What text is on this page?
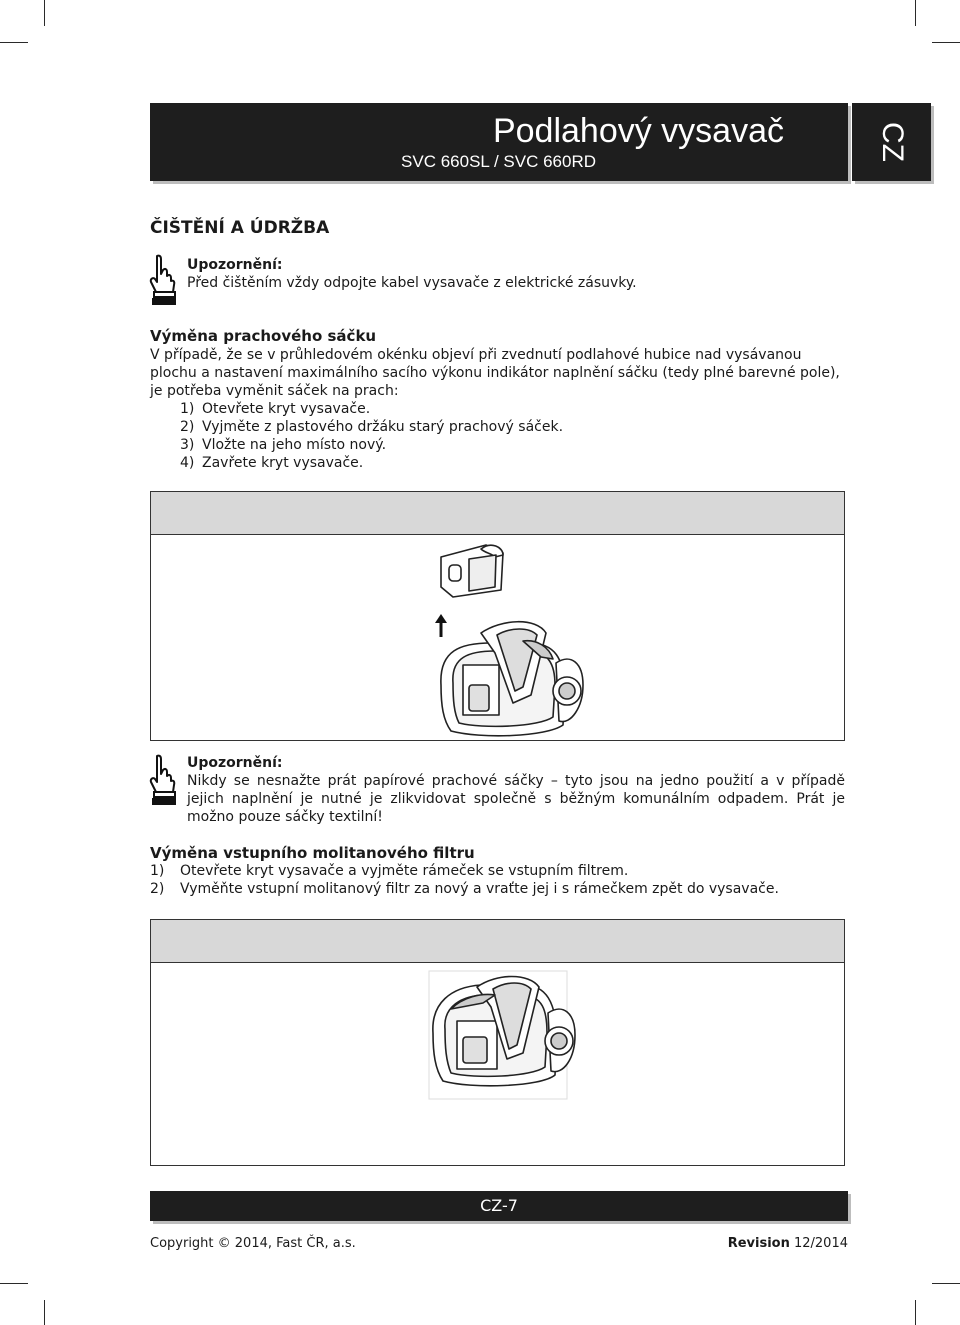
Podlahový vysavač
SVC 660SL / SVC 660RD	CZ
ČIŠTĚNÍ A ÚDRŽBA
Upozornění:
Před čištěním vždy odpojte kabel vysavače z elektrické zásuvky.
Výměna prachového sáčku
V případě, že se v průhledovém okénku objeví při zvednutí podlahové hubice nad vysávanou plochu a nastavení maximálního sacího výkonu indikátor naplnění sáčku (tedy plné barevné pole), je potřeba vyměnit sáček na prach:
1) Otevřete kryt vysavače.
2) Vyjměte z plastového držáku starý prachový sáček.
3) Vložte na jeho místo nový.
4) Zavřete kryt vysavače.
Upozornění:
Nikdy se nesnažte prát papírové prachové sáčky – tyto jsou na jedno použití a v případě jejich naplnění je nutné je zlikvidovat společně s běžným komunálním odpadem. Prát je možno pouze sáčky textilní!
Výměna vstupního molitanového filtru
1) Otevřete kryt vysavače a vyjměte rámeček se vstupním filtrem.
2) Vyměňte vstupní molitanový filtr za nový a vraťte jej i s rámečkem zpět do vysavače.
CZ-7
Copyright © 2014, Fast ČR, a.s.	Revision 12/2014
